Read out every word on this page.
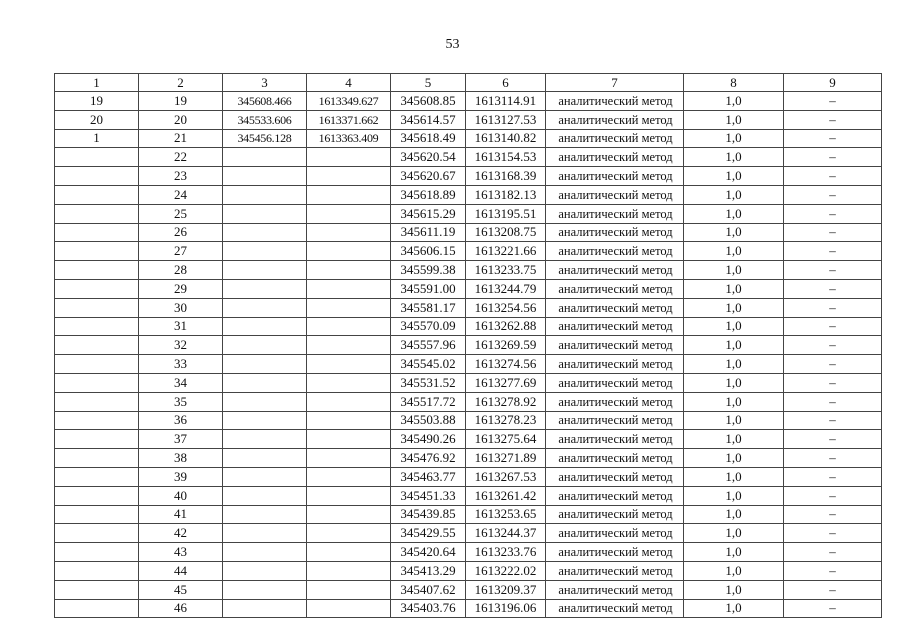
53
1	2	3	4	5	6	7	8	9
19	19	345608.466	1613349.627	345608.85	1613114.91	аналитический метод	1,0	–
20	20	345533.606	1613371.662	345614.57	1613127.53	аналитический метод	1,0	–
1	21	345456.128	1613363.409	345618.49	1613140.82	аналитический метод	1,0	–
	22			345620.54	1613154.53	аналитический метод	1,0	–
	23			345620.67	1613168.39	аналитический метод	1,0	–
	24			345618.89	1613182.13	аналитический метод	1,0	–
	25			345615.29	1613195.51	аналитический метод	1,0	–
	26			345611.19	1613208.75	аналитический метод	1,0	–
	27			345606.15	1613221.66	аналитический метод	1,0	–
	28			345599.38	1613233.75	аналитический метод	1,0	–
	29			345591.00	1613244.79	аналитический метод	1,0	–
	30			345581.17	1613254.56	аналитический метод	1,0	–
	31			345570.09	1613262.88	аналитический метод	1,0	–
	32			345557.96	1613269.59	аналитический метод	1,0	–
	33			345545.02	1613274.56	аналитический метод	1,0	–
	34			345531.52	1613277.69	аналитический метод	1,0	–
	35			345517.72	1613278.92	аналитический метод	1,0	–
	36			345503.88	1613278.23	аналитический метод	1,0	–
	37			345490.26	1613275.64	аналитический метод	1,0	–
	38			345476.92	1613271.89	аналитический метод	1,0	–
	39			345463.77	1613267.53	аналитический метод	1,0	–
	40			345451.33	1613261.42	аналитический метод	1,0	–
	41			345439.85	1613253.65	аналитический метод	1,0	–
	42			345429.55	1613244.37	аналитический метод	1,0	–
	43			345420.64	1613233.76	аналитический метод	1,0	–
	44			345413.29	1613222.02	аналитический метод	1,0	–
	45			345407.62	1613209.37	аналитический метод	1,0	–
	46			345403.76	1613196.06	аналитический метод	1,0	–
